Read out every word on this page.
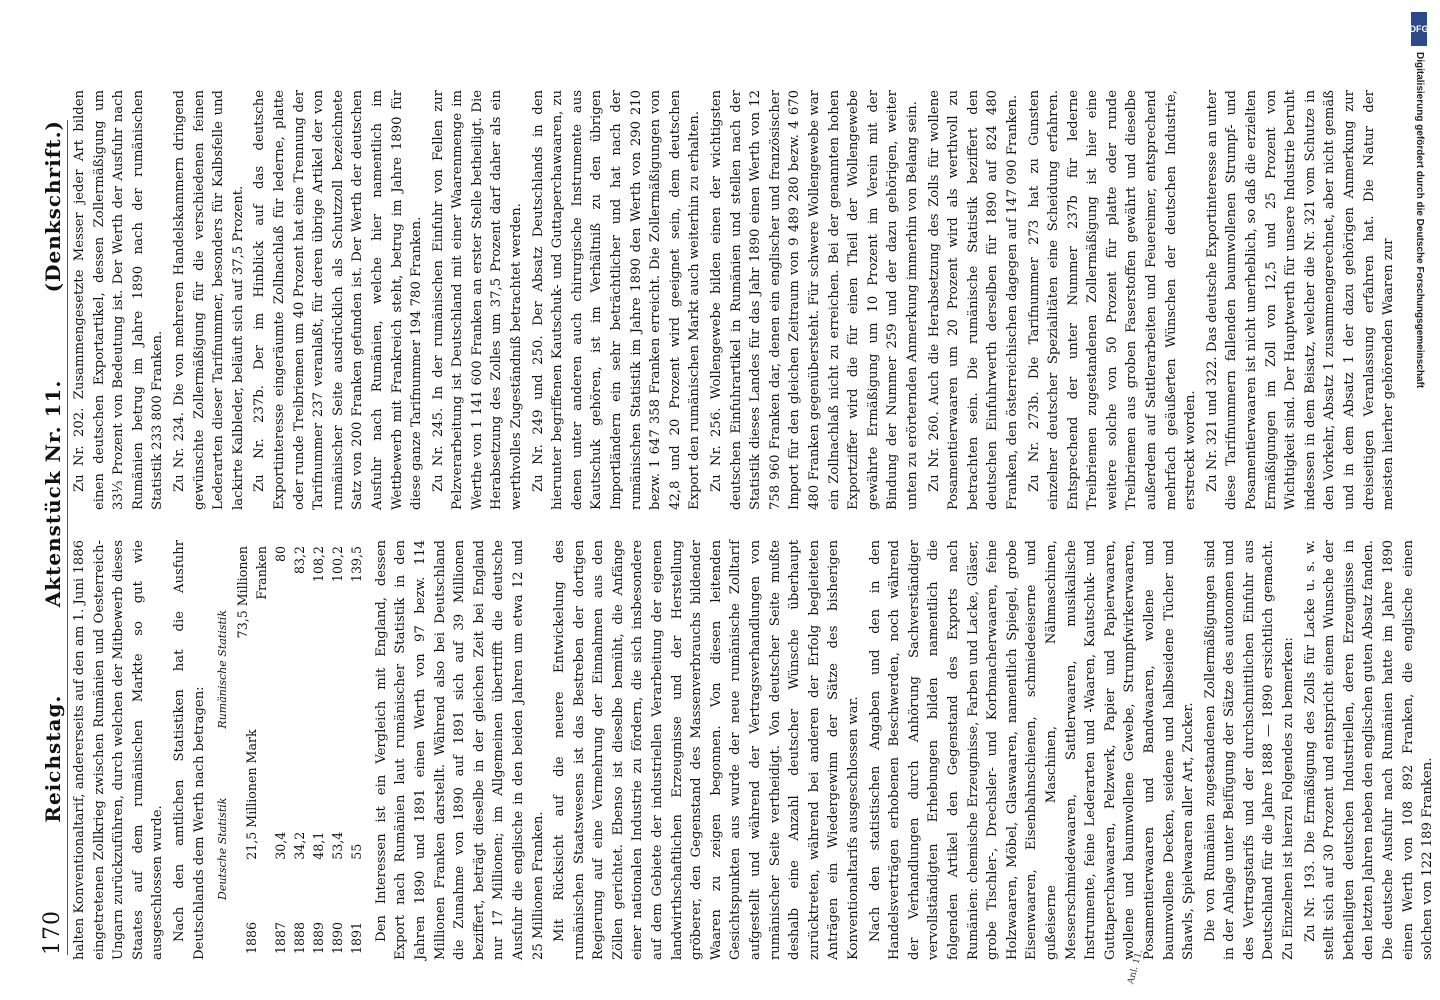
170
Reichstag.
Aktenstück Nr. 11.
(Denkschrift.)

halten Konventionaltarif, andererseits auf den am 1. Juni 1886 eingetretenen Zollkrieg zwischen Rumänien und Oesterreich-Ungarn zurückzuführen, durch welchen der Mitbewerb dieses Staates auf dem rumänischen Markte so gut wie ausgeschlossen wurde. Nach den amtlichen Statistiken hat die Ausfuhr Deutschlands dem Werth nach betragen: Deutsche Statistik
Rumänische Statistik
1886	21,5 Millionen Mark	73,5 Millionen Franken
1887	30,4	80
1888	34,2	83,2
1889	48,1	108,2
1890	53,4	100,2
1891	55	139,5 Den Interessen ist ein Vergleich mit England, dessen Export nach Rumänien laut rumänischer Statistik in den Jahren 1890 und 1891 einen Werth von 97 bezw. 114 Millionen Franken darstellt. Während also bei Deutschland die Zunahme von 1890 auf 1891 sich auf 39 Millionen beziffert, beträgt dieselbe in der gleichen Zeit bei England nur 17 Millionen; im Allgemeinen übertrifft die deutsche Ausfuhr die englische in den beiden Jahren um etwa 12 und 25 Millionen Franken. Mit Rücksicht auf die neuere Entwickelung des rumänischen Staatswesens ist das Bestreben der dortigen Regierung auf eine Vermehrung der Einnahmen aus den Zöllen gerichtet. Ebenso ist dieselbe bemüht, die Anfänge einer nationalen Industrie zu fördern, die sich insbesondere auf dem Gebiete der industriellen Verarbeitung der eigenen landwirthschaftlichen Erzeugnisse und der Herstellung gröberer, den Gegenstand des Massenverbrauchs bildender Waaren zu zeigen begonnen. Von diesen leitenden Gesichtspunkten aus wurde der neue rumänische Zolltarif aufgestellt und während der Vertragsverhandlungen von rumänischer Seite vertheidigt. Von deutscher Seite mußte deshalb eine Anzahl deutscher Wünsche überhaupt zurücktreten, während bei anderen der Erfolg begleiteten Anträgen ein Wiedergewinn der Sätze des bisherigen Konventionaltarifs ausgeschlossen war. Nach den statistischen Angaben und den in den Handelsverträgen erhobenen Beschwerden, noch während der Verhandlungen durch Anhörung Sachverständiger vervollständigten Erhebungen bilden namentlich die folgenden Artikel den Gegenstand des Exports nach Rumänien: chemische Erzeugnisse, Farben und Lacke, Gläser, grobe Tischler-, Drechsler- und Korbmacherwaaren, feine Holzwaaren, Möbel, Glaswaaren, namentlich Spiegel, grobe Eisenwaaren, Eisenbahnschienen, schmiedeeiserne und gußeiserne Maschinen, Nähmaschinen, Messerschmiedewaaren, Sattlerwaaren, musikalische Instrumente, feine Lederarten und -Waaren, Kautschuk- und Guttaperchawaaren, Pelzwerk, Papier und Papierwaaren, wollene und baumwollene Gewebe, Strumpfwirkerwaaren, Posamentierwaaren und Bandwaaren, wollene und baumwollene Decken, seidene und halbseidene Tücher und Shawls, Spielwaaren aller Art, Zucker. Die von Rumänien zugestandenen Zollermäßigungen sind in der Anlage unter Beifügung der Sätze des autonomen und des Vertragstarifs und der durchschnittlichen Einfuhr aus Deutschland für die Jahre 1888 — 1890 ersichtlich gemacht. Zu Einzelnen ist hierzu Folgendes zu bemerken: Zu Nr. 193. Die Ermäßigung des Zolls für Lacke u. s. w. stellt sich auf 30 Prozent und entspricht einem Wunsche der betheiligten deutschen Industriellen, deren Erzeugnisse in den letzten Jahren neben den englischen guten Absatz fanden. Die deutsche Ausfuhr nach Rumänien hatte im Jahre 1890 einen Werth von 108 892 Franken, die englische einen solchen von 122 189 Franken.

Zu Nr. 202. Zusammengesetzte Messer jeder Art bilden einen deutschen Exportartikel, dessen Zollermäßigung um 33⅓ Prozent von Bedeutung ist. Der Werth der Ausfuhr nach Rumänien betrug im Jahre 1890 nach der rumänischen Statistik 233 800 Franken. Zu Nr. 234. Die von mehreren Handelskammern dringend gewünschte Zollermäßigung für die verschiedenen feinen Lederarten dieser Tarifnummer, besonders für Kalbsfelle und lackirte Kalbleder, beläuft sich auf 37,5 Prozent. Zu Nr. 237b. Der im Hinblick auf das deutsche Exportinteresse eingeräumte Zollnachlaß für lederne, platte oder runde Treibriemen um 40 Prozent hat eine Trennung der Tarifnummer 237 veranlaßt, für deren übrige Artikel der von rumänischer Seite ausdrücklich als Schutzzoll bezeichnete Satz von 200 Franken gefunden ist. Der Werth der deutschen Ausfuhr nach Rumänien, welche hier namentlich im Wettbewerb mit Frankreich steht, betrug im Jahre 1890 für diese ganze Tarifnummer 194 780 Franken. Zu Nr. 245. In der rumänischen Einfuhr von Fellen zur Pelzverarbeitung ist Deutschland mit einer Waarenmenge im Werthe von 1 141 600 Franken an erster Stelle betheiligt. Die Herabsetzung des Zolles um 37,5 Prozent darf daher als ein werthvolles Zugeständniß betrachtet werden. Zu Nr. 249 und 250. Der Absatz Deutschlands in den hierunter begriffenen Kautschuk- und Guttaperchawaaren, zu denen unter anderen auch chirurgische Instrumente aus Kautschuk gehören, ist im Verhältniß zu den übrigen Importländern ein sehr beträchtlicher und hat nach der rumänischen Statistik im Jahre 1890 den Werth von 290 210 bezw. 1 647 358 Franken erreicht. Die Zollermäßigungen von 42,8 und 20 Prozent wird geeignet sein, dem deutschen Export den rumänischen Markt auch weiterhin zu erhalten. Zu Nr. 256. Wollengewebe bilden einen der wichtigsten deutschen Einfuhrartikel in Rumänien und stellen nach der Statistik dieses Landes für das Jahr 1890 einen Werth von 12 758 960 Franken dar, denen ein englischer und französischer Import für den gleichen Zeitraum von 9 489 280 bezw. 4 670 480 Franken gegenübersteht. Für schwere Wollengewebe war ein Zollnachlaß nicht zu erreichen. Bei der genannten hohen Exportziffer wird die für einen Theil der Wollengewebe gewährte Ermäßigung um 10 Prozent im Verein mit der Bindung der Nummer 259 und der dazu gehörigen, weiter unten zu erörternden Anmerkung immerhin von Belang sein. Zu Nr. 260. Auch die Herabsetzung des Zolls für wollene Posamentierwaaren um 20 Prozent wird als werthvoll zu betrachten sein. Die rumänische Statistik beziffert den deutschen Einfuhrwerth derselben für 1890 auf 824 480 Franken, den österreichischen dagegen auf 147 090 Franken. Zu Nr. 273b. Die Tarifnummer 273 hat zu Gunsten einzelner deutscher Spezialitäten eine Scheidung erfahren. Entsprechend der unter Nummer 237b für lederne Treibriemen zugestandenen Zollermäßigung ist hier eine weitere solche von 50 Prozent für platte oder runde Treibriemen aus groben Faserstoffen gewährt und dieselbe außerdem auf Sattlerarbeiten und Feuereimer, entsprechend mehrfach geäußerten Wünschen der deutschen Industrie, erstreckt worden. Zu Nr. 321 und 322. Das deutsche Exportinteresse an unter diese Tarifnummern fallenden baumwollenen Strumpf- und Posamentierwaaren ist nicht unerheblich, so daß die erzielten Ermäßigungen im Zoll von 12,5 und 25 Prozent von Wichtigkeit sind. Der Hauptwerth für unsere Industrie beruht indessen in dem Beisatz, welcher die Nr. 321 vom Schutze in den Vorkehr, Absatz 1 zusammengerechnet, aber nicht gemäß und in dem Absatz 1 der dazu gehörigen Anmerkung zur dreiseitigen Veranlassung erfahren hat. Die Natur der meisten hierher gehörenden Waaren zur

Anl. 11.
DFG
Digitalisierung gefördert durch die Deutsche Forschungsgemeinschaft
